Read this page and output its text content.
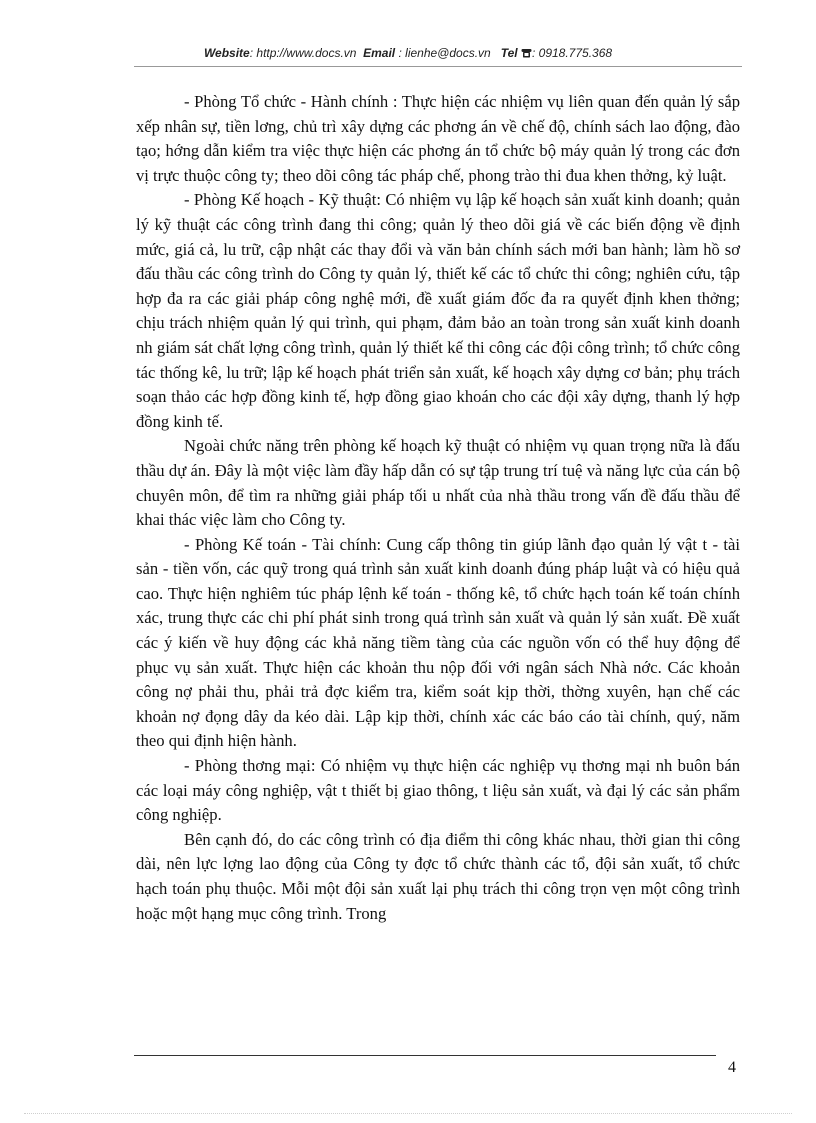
Website: http://www.docs.vn Email : lienhe@docs.vn Tel : 0918.775.368

- Phòng Tổ chức - Hành chính : Thực hiện các nhiệm vụ liên quan đến quản lý sắp xếp nhân sự, tiền lơng, chủ trì xây dựng các phơng án về chế độ, chính sách lao động, đào tạo; hớng dẫn kiểm tra việc thực hiện các phơng án tổ chức bộ máy quản lý trong các đơn vị trực thuộc công ty; theo dõi công tác pháp chế, phong trào thi đua khen thởng, kỷ luật.

- Phòng Kế hoạch - Kỹ thuật: Có nhiệm vụ lập kế hoạch sản xuất kinh doanh; quản lý kỹ thuật các công trình đang thi công; quản lý theo dõi giá về các biến động về định mức, giá cả, lu trữ, cập nhật các thay đổi và văn bản chính sách mới ban hành; làm hồ sơ đấu thầu các công trình do Công ty quản lý, thiết kế các tổ chức thi công; nghiên cứu, tập hợp đa ra các giải pháp công nghệ mới, đề xuất giám đốc đa ra quyết định khen thởng; chịu trách nhiệm quản lý qui trình, qui phạm, đảm bảo an toàn trong sản xuất kinh doanh nh giám sát chất lợng công trình, quản lý thiết kế thi công các đội công trình; tổ chức công tác thống kê, lu trữ; lập kế hoạch phát triển sản xuất, kế hoạch xây dựng cơ bản; phụ trách soạn thảo các hợp đồng kinh tế, hợp đồng giao khoán cho các đội xây dựng, thanh lý hợp đồng kinh tế.

Ngoài chức năng trên phòng kế hoạch kỹ thuật có nhiệm vụ quan trọng nữa là đấu thầu dự án. Đây là một việc làm đầy hấp dẫn có sự tập trung trí tuệ và năng lực của cán bộ chuyên môn, để tìm ra những giải pháp tối u nhất của nhà thầu trong vấn đề đấu thầu để khai thác việc làm cho Công ty.

- Phòng Kế toán - Tài chính: Cung cấp thông tin giúp lãnh đạo quản lý vật t - tài sản - tiền vốn, các quỹ trong quá trình sản xuất kinh doanh đúng pháp luật và có hiệu quả cao. Thực hiện nghiêm túc pháp lệnh kế toán - thống kê, tổ chức hạch toán kế toán chính xác, trung thực các chi phí phát sinh trong quá trình sản xuất và quản lý sản xuất. Đề xuất các ý kiến về huy động các khả năng tiềm tàng của các nguồn vốn có thể huy động để phục vụ sản xuất. Thực hiện các khoản thu nộp đối với ngân sách Nhà nớc. Các khoản công nợ phải thu, phải trả đợc kiểm tra, kiểm soát kịp thời, thờng xuyên, hạn chế các khoản nợ đọng dây da kéo dài. Lập kịp thời, chính xác các báo cáo tài chính, quý, năm theo qui định hiện hành.

- Phòng thơng mại: Có nhiệm vụ thực hiện các nghiệp vụ thơng mại nh buôn bán các loại máy công nghiệp, vật t thiết bị giao thông, t liệu sản xuất, và đại lý các sản phẩm công nghiệp.

Bên cạnh đó, do các công trình có địa điểm thi công khác nhau, thời gian thi công dài, nên lực lợng lao động của Công ty đợc tổ chức thành các tổ, đội sản xuất, tổ chức hạch toán phụ thuộc. Mỗi một đội sản xuất lại phụ trách thi công trọn vẹn một công trình hoặc một hạng mục công trình. Trong

4
